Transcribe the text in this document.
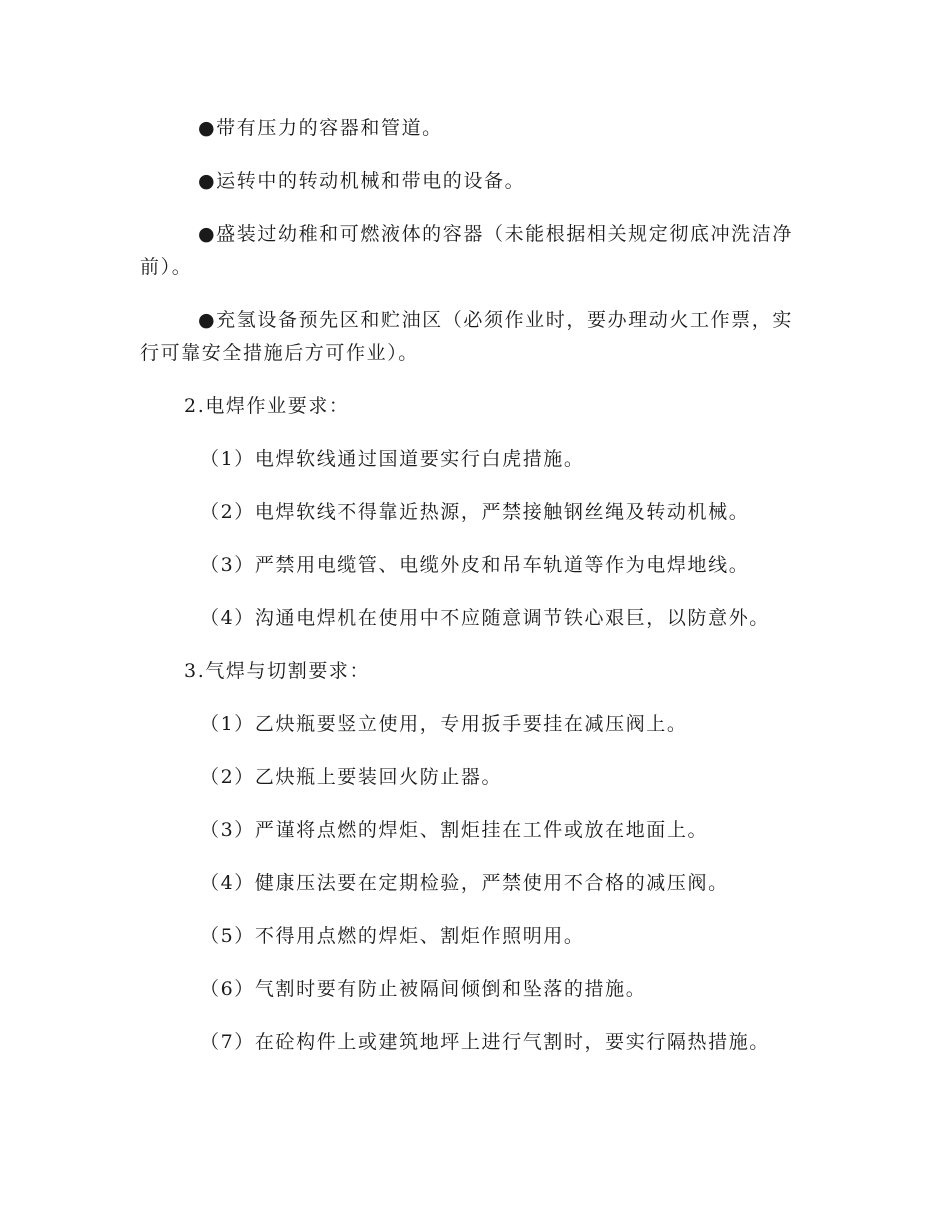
●带有压力的容器和管道。

●运转中的转动机械和带电的设备。

●盛装过幼稚和可燃液体的容器（未能根据相关规定彻底冲洗洁净前）。

●充氢设备预先区和贮油区（必须作业时，要办理动火工作票，实行可靠安全措施后方可作业）。

2.电焊作业要求：

（1）电焊软线通过国道要实行白虎措施。

（2）电焊软线不得靠近热源，严禁接触钢丝绳及转动机械。

（3）严禁用电缆管、电缆外皮和吊车轨道等作为电焊地线。

（4）沟通电焊机在使用中不应随意调节铁心艰巨，以防意外。

3.气焊与切割要求：

（1）乙炔瓶要竖立使用，专用扳手要挂在减压阀上。

（2）乙炔瓶上要装回火防止器。

（3）严谨将点燃的焊炬、割炬挂在工件或放在地面上。

（4）健康压法要在定期检验，严禁使用不合格的减压阀。

（5）不得用点燃的焊炬、割炬作照明用。

（6）气割时要有防止被隔间倾倒和坠落的措施。

（7）在砼构件上或建筑地坪上进行气割时，要实行隔热措施。
